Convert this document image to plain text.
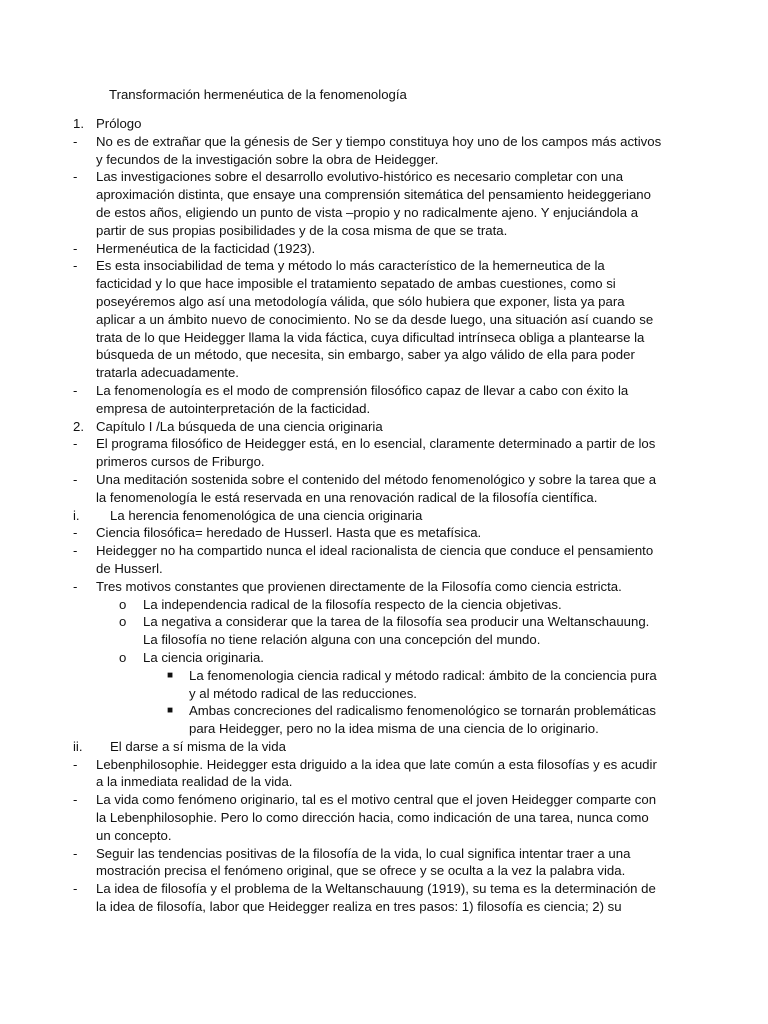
Transformación hermenéutica de la fenomenología
1. Prólogo
- No es de extrañar que la génesis de Ser y tiempo constituya hoy uno de los campos más activos y fecundos de la investigación sobre la obra de Heidegger.
- Las investigaciones sobre el desarrollo evolutivo-histórico es necesario completar con una aproximación distinta, que ensaye una comprensión sitemática del pensamiento heideggeriano de estos años, eligiendo un punto de vista –propio y no radicalmente ajeno. Y enjuciándola a partir de sus propias posibilidades y de la cosa misma de que se trata.
- Hermenéutica de la facticidad (1923).
- Es esta insociabilidad de tema y método lo más característico de la hemerneutica de la facticidad y lo que hace imposible el tratamiento sepatado de ambas cuestiones, como si poseyéremos algo así una metodología válida, que sólo hubiera que exponer, lista ya para aplicar a un ámbito nuevo de conocimiento. No se da desde luego, una situación así cuando se trata de lo que Heidegger llama la vida fáctica, cuya dificultad intrínseca obliga a plantearse la búsqueda de un método, que necesita, sin embargo, saber ya algo válido de ella para poder tratarla adecuadamente.
- La fenomenología es el modo de comprensión filosófico capaz de llevar a cabo con éxito la empresa de autointerpretación de la facticidad.
2. Capítulo I /La búsqueda de una ciencia originaria
- El programa filosófico de Heidegger está, en lo esencial, claramente determinado a partir de los primeros cursos de Friburgo.
- Una meditación sostenida sobre el contenido del método fenomenológico y sobre la tarea que a la fenomenología le está reservada en una renovación radical de la filosofía científica.
i. La herencia fenomenológica de una ciencia originaria
- Ciencia filosófica= heredado de Husserl. Hasta que es metafísica.
- Heidegger no ha compartido nunca el ideal racionalista de ciencia que conduce el pensamiento de Husserl.
- Tres motivos constantes que provienen directamente de la Filosofía como ciencia estricta.
o La independencia radical de la filosofía respecto de la ciencia objetivas.
o La negativa a considerar que la tarea de la filosofía sea producir una Weltanschauung. La filosofía no tiene relación alguna con una concepción del mundo.
o La ciencia originaria.
■ La fenomenologia ciencia radical y método radical: ámbito de la conciencia pura y al método radical de las reducciones.
■ Ambas concreciones del radicalismo fenomenológico se tornarán problemáticas para Heidegger, pero no la idea misma de una ciencia de lo originario.
ii. El darse a sí misma de la vida
- Lebenphilosophie. Heidegger esta driguido a la idea que late común a esta filosofías y es acudir a la inmediata realidad de la vida.
- La vida como fenómeno originario, tal es el motivo central que el joven Heidegger comparte con la Lebenphilosophie. Pero lo como dirección hacia, como indicación de una tarea, nunca como un concepto.
- Seguir las tendencias positivas de la filosofía de la vida, lo cual significa intentar traer a una mostración precisa el fenómeno original, que se ofrece y se oculta a la vez la palabra vida.
- La idea de filosofía y el problema de la Weltanschauung (1919), su tema es la determinación de la idea de filosofía, labor que Heidegger realiza en tres pasos: 1) filosofía es ciencia; 2) su
